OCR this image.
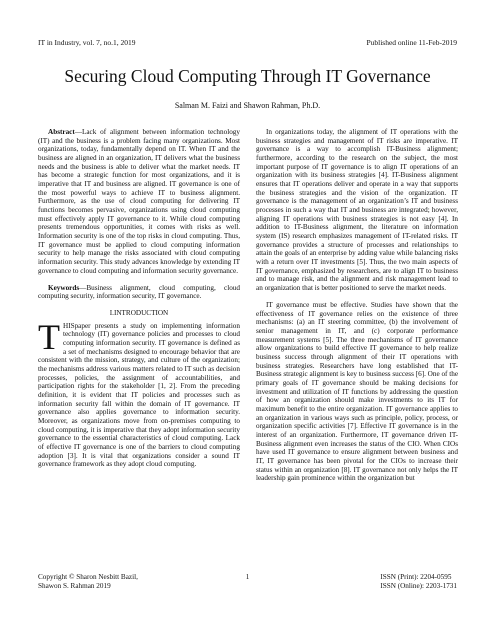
IT in Industry, vol. 7, no.1, 2019	Published online 11-Feb-2019
Securing Cloud Computing Through IT Governance
Salman M. Faizi and Shawon Rahman, Ph.D.

Abstract—Lack of alignment between information technology (IT) and the business is a problem facing many organizations. Most organizations, today, fundamentally depend on IT. When IT and the business are aligned in an organization, IT delivers what the business needs and the business is able to deliver what the market needs. IT has become a strategic function for most organizations, and it is imperative that IT and business are aligned. IT governance is one of the most powerful ways to achieve IT to business alignment. Furthermore, as the use of cloud computing for delivering IT functions becomes pervasive, organizations using cloud computing must effectively apply IT governance to it. While cloud computing presents tremendous opportunities, it comes with risks as well. Information security is one of the top risks in cloud computing. Thus, IT governance must be applied to cloud computing information security to help manage the risks associated with cloud computing information security. This study advances knowledge by extending IT governance to cloud computing and information security governance.

Keywords—Business alignment, cloud computing, cloud computing security, information security, IT governance.

I.INTRODUCTION

T HISpaper presents a study on implementing information technology (IT) governance policies and processes to cloud computing information security. IT governance is defined as a set of mechanisms designed to encourage behavior that are consistent with the mission, strategy, and culture of the organization; the mechanisms address various matters related to IT such as decision processes, policies, the assignment of accountabilities, and participation rights for the stakeholder [1, 2]. From the preceding definition, it is evident that IT policies and processes such as information security fall within the domain of IT governance. IT governance also applies governance to information security. Moreover, as organizations move from on-premises computing to cloud computing, it is imperative that they adopt information security governance to the essential characteristics of cloud computing. Lack of effective IT governance is one of the barriers to cloud computing adoption [3]. It is vital that organizations consider a sound IT governance framework as they adopt cloud computing.

In organizations today, the alignment of IT operations with the business strategies and management of IT risks are imperative. IT governance is a way to accomplish IT-Business alignment; furthermore, according to the research on the subject, the most important purpose of IT governance is to align IT operations of an organization with its business strategies [4]. IT-Business alignment ensures that IT operations deliver and operate in a way that supports the business strategies and the vision of the organization. IT governance is the management of an organization’s IT and business processes in such a way that IT and business are integrated; however, aligning IT operations with business strategies is not easy [4]. In addition to IT-Business alignment, the literature on information system (IS) research emphasizes management of IT-related risks. IT governance provides a structure of processes and relationships to attain the goals of an enterprise by adding value while balancing risks with a return over IT investments [5]. Thus, the two main aspects of IT governance, emphasized by researchers, are to align IT to business and to manage risk, and the alignment and risk management lead to an organization that is better positioned to serve the market needs.

IT governance must be effective. Studies have shown that the effectiveness of IT governance relies on the existence of three mechanisms: (a) an IT steering committee, (b) the involvement of senior management in IT, and (c) corporate performance measurement systems [5]. The three mechanisms of IT governance allow organizations to build effective IT governance to help realize business success through alignment of their IT operations with business strategies. Researchers have long established that IT-Business strategic alignment is key to business success [6]. One of the primary goals of IT governance should be making decisions for investment and utilization of IT functions by addressing the question of how an organization should make investments to its IT for maximum benefit to the entire organization. IT governance applies to an organization in various ways such as principle, policy, process, or organization specific activities [7]. Effective IT governance is in the interest of an organization. Furthermore, IT governance driven IT-Business alignment even increases the status of the CIO. When CIOs have used IT governance to ensure alignment between business and IT, IT governance has been pivotal for the CIOs to increase their status within an organization [8]. IT governance not only helps the IT leadership gain prominence within the organization but

Copyright © Sharon Nesbitt Bazil,
Shawon S. Rahman 2019
1	ISSN (Print): 2204-0595
ISSN (Online): 2203-1731
